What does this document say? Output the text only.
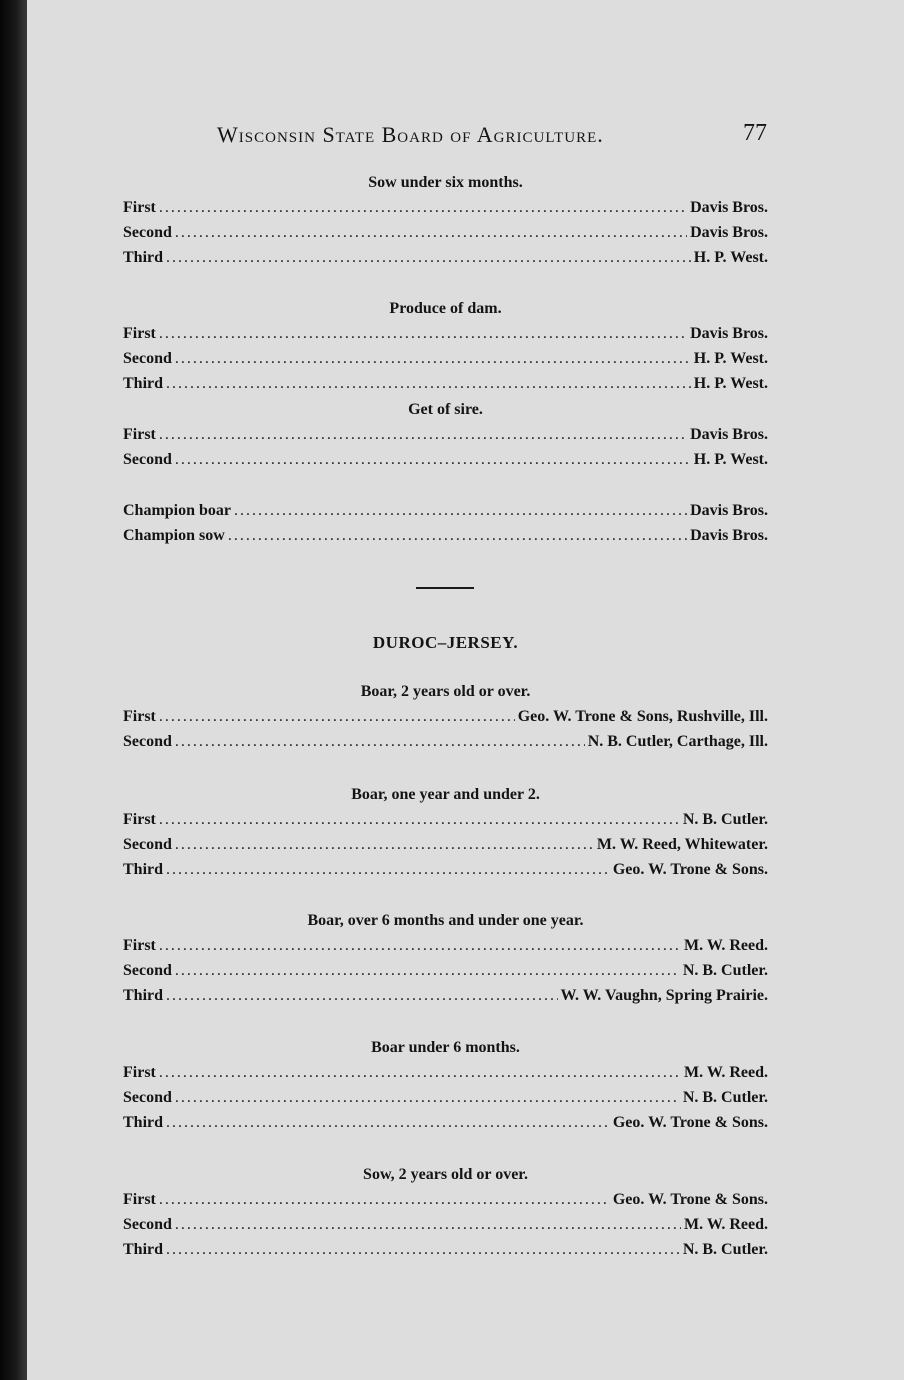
Wisconsin State Board of Agriculture.	77
Sow under six months.
First . . .	Davis Bros.
Second . . .	Davis Bros.
Third . . .	H. P. West.
Produce of dam.
First . . .	Davis Bros.
Second . . .	H. P. West.
Third . . .	H. P. West.
Get of sire.
First . . .	Davis Bros.
Second . . .	H. P. West.
Champion boar . . .	Davis Bros.
Champion sow . . .	Davis Bros.
DUROC–JERSEY.
Boar, 2 years old or over.
First . . .	Geo. W. Trone & Sons, Rushville, Ill.
Second . . .	N. B. Cutler, Carthage, Ill.
Boar, one year and under 2.
First . . .	N. B. Cutler.
Second . . .	M. W. Reed, Whitewater.
Third . . .	Geo. W. Trone & Sons.
Boar, over 6 months and under one year.
First . . .	M. W. Reed.
Second . . .	N. B. Cutler.
Third . . .	W. W. Vaughn, Spring Prairie.
Boar under 6 months.
First . . .	M. W. Reed.
Second . . .	N. B. Cutler.
Third . . .	Geo. W. Trone & Sons.
Sow, 2 years old or over.
First . . .	Geo. W. Trone & Sons.
Second . . .	M. W. Reed.
Third . . .	N. B. Cutler.
